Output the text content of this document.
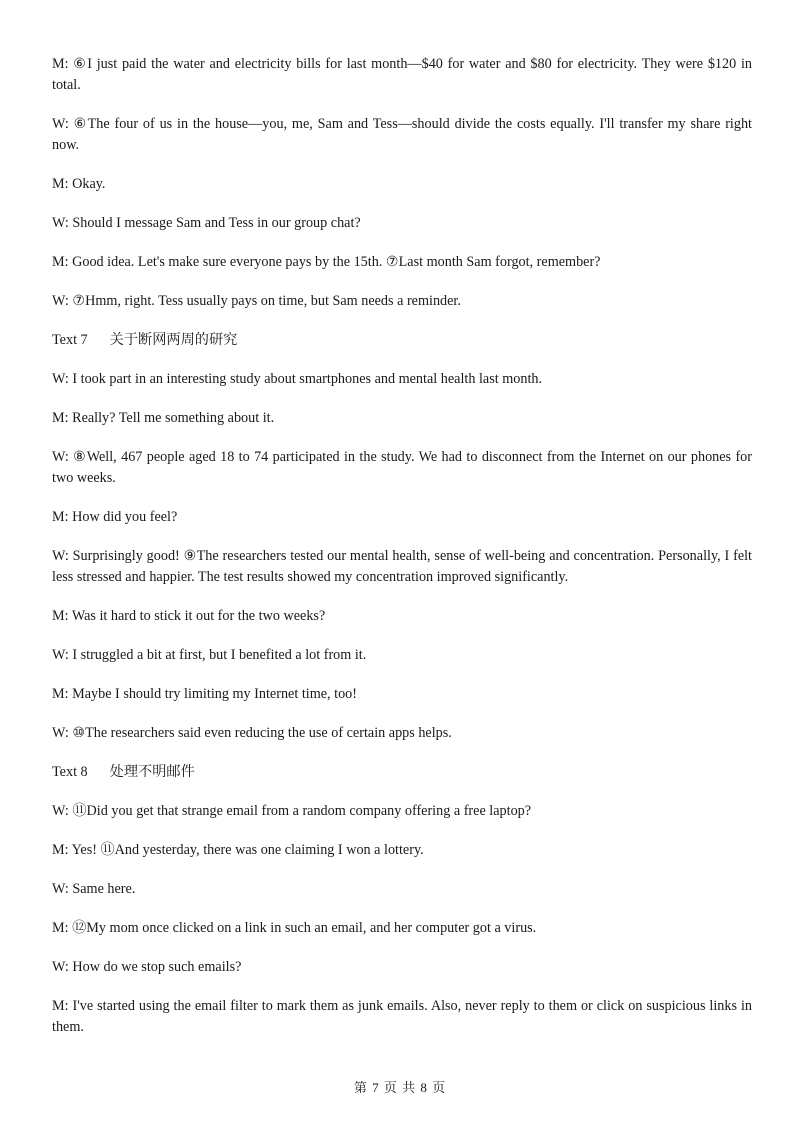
M: ⑥I just paid the water and electricity bills for last month—$40 for water and $80 for electricity. They were $120 in total.

W: ⑥The four of us in the house—you, me, Sam and Tess—should divide the costs equally. I'll transfer my share right now.

M: Okay.

W: Should I message Sam and Tess in our group chat?

M: Good idea. Let's make sure everyone pays by the 15th. ⑦Last month Sam forgot, remember?

W: ⑦Hmm, right. Tess usually pays on time, but Sam needs a reminder.

Text 7 关于断网两周的研究

W: I took part in an interesting study about smartphones and mental health last month.

M: Really? Tell me something about it.

W: ⑧Well, 467 people aged 18 to 74 participated in the study. We had to disconnect from the Internet on our phones for two weeks.

M: How did you feel?

W: Surprisingly good! ⑨The researchers tested our mental health, sense of well-being and concentration. Personally, I felt less stressed and happier. The test results showed my concentration improved significantly.

M: Was it hard to stick it out for the two weeks?

W: I struggled a bit at first, but I benefited a lot from it.

M: Maybe I should try limiting my Internet time, too!

W: ⑩The researchers said even reducing the use of certain apps helps.

Text 8 处理不明邮件

W: ⑪Did you get that strange email from a random company offering a free laptop?

M: Yes! ⑪And yesterday, there was one claiming I won a lottery.

W: Same here.

M: ⑫My mom once clicked on a link in such an email, and her computer got a virus.

W: How do we stop such emails?

M: I've started using the email filter to mark them as junk emails. Also, never reply to them or click on suspicious links in them.

第 7 页 共 8 页
